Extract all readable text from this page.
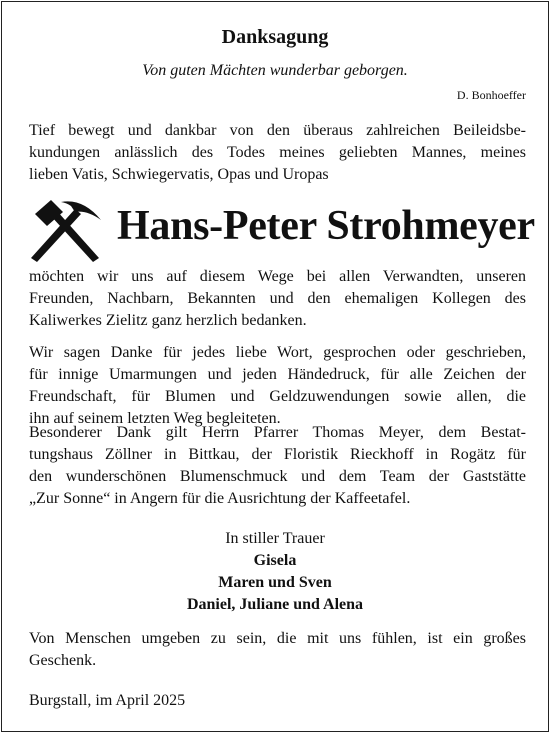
Danksagung
Von guten Mächten wunderbar geborgen.
D. Bonhoeffer
Tief bewegt und dankbar von den überaus zahlreichen Beileidsbe-
kundungen anlässlich des Todes meines geliebten Mannes, meines
lieben Vatis, Schwiegervatis, Opas und Uropas
Hans-Peter Strohmeyer
möchten wir uns auf diesem Wege bei allen Verwandten, unseren
Freunden, Nachbarn, Bekannten und den ehemaligen Kollegen des
Kaliwerkes Zielitz ganz herzlich bedanken.
Wir sagen Danke für jedes liebe Wort, gesprochen oder geschrieben,
für innige Umarmungen und jeden Händedruck, für alle Zeichen der
Freundschaft, für Blumen und Geldzuwendungen sowie allen, die
ihn auf seinem letzten Weg begleiteten.
Besonderer Dank gilt Herrn Pfarrer Thomas Meyer, dem Bestat-
tungshaus Zöllner in Bittkau, der Floristik Rieckhoff in Rogätz für
den wunderschönen Blumenschmuck und dem Team der Gaststätte
„Zur Sonne“ in Angern für die Ausrichtung der Kaffeetafel.
In stiller Trauer
Gisela
Maren und Sven
Daniel, Juliane und Alena
Von Menschen umgeben zu sein, die mit uns fühlen, ist ein großes
Geschenk.
Burgstall, im April 2025
